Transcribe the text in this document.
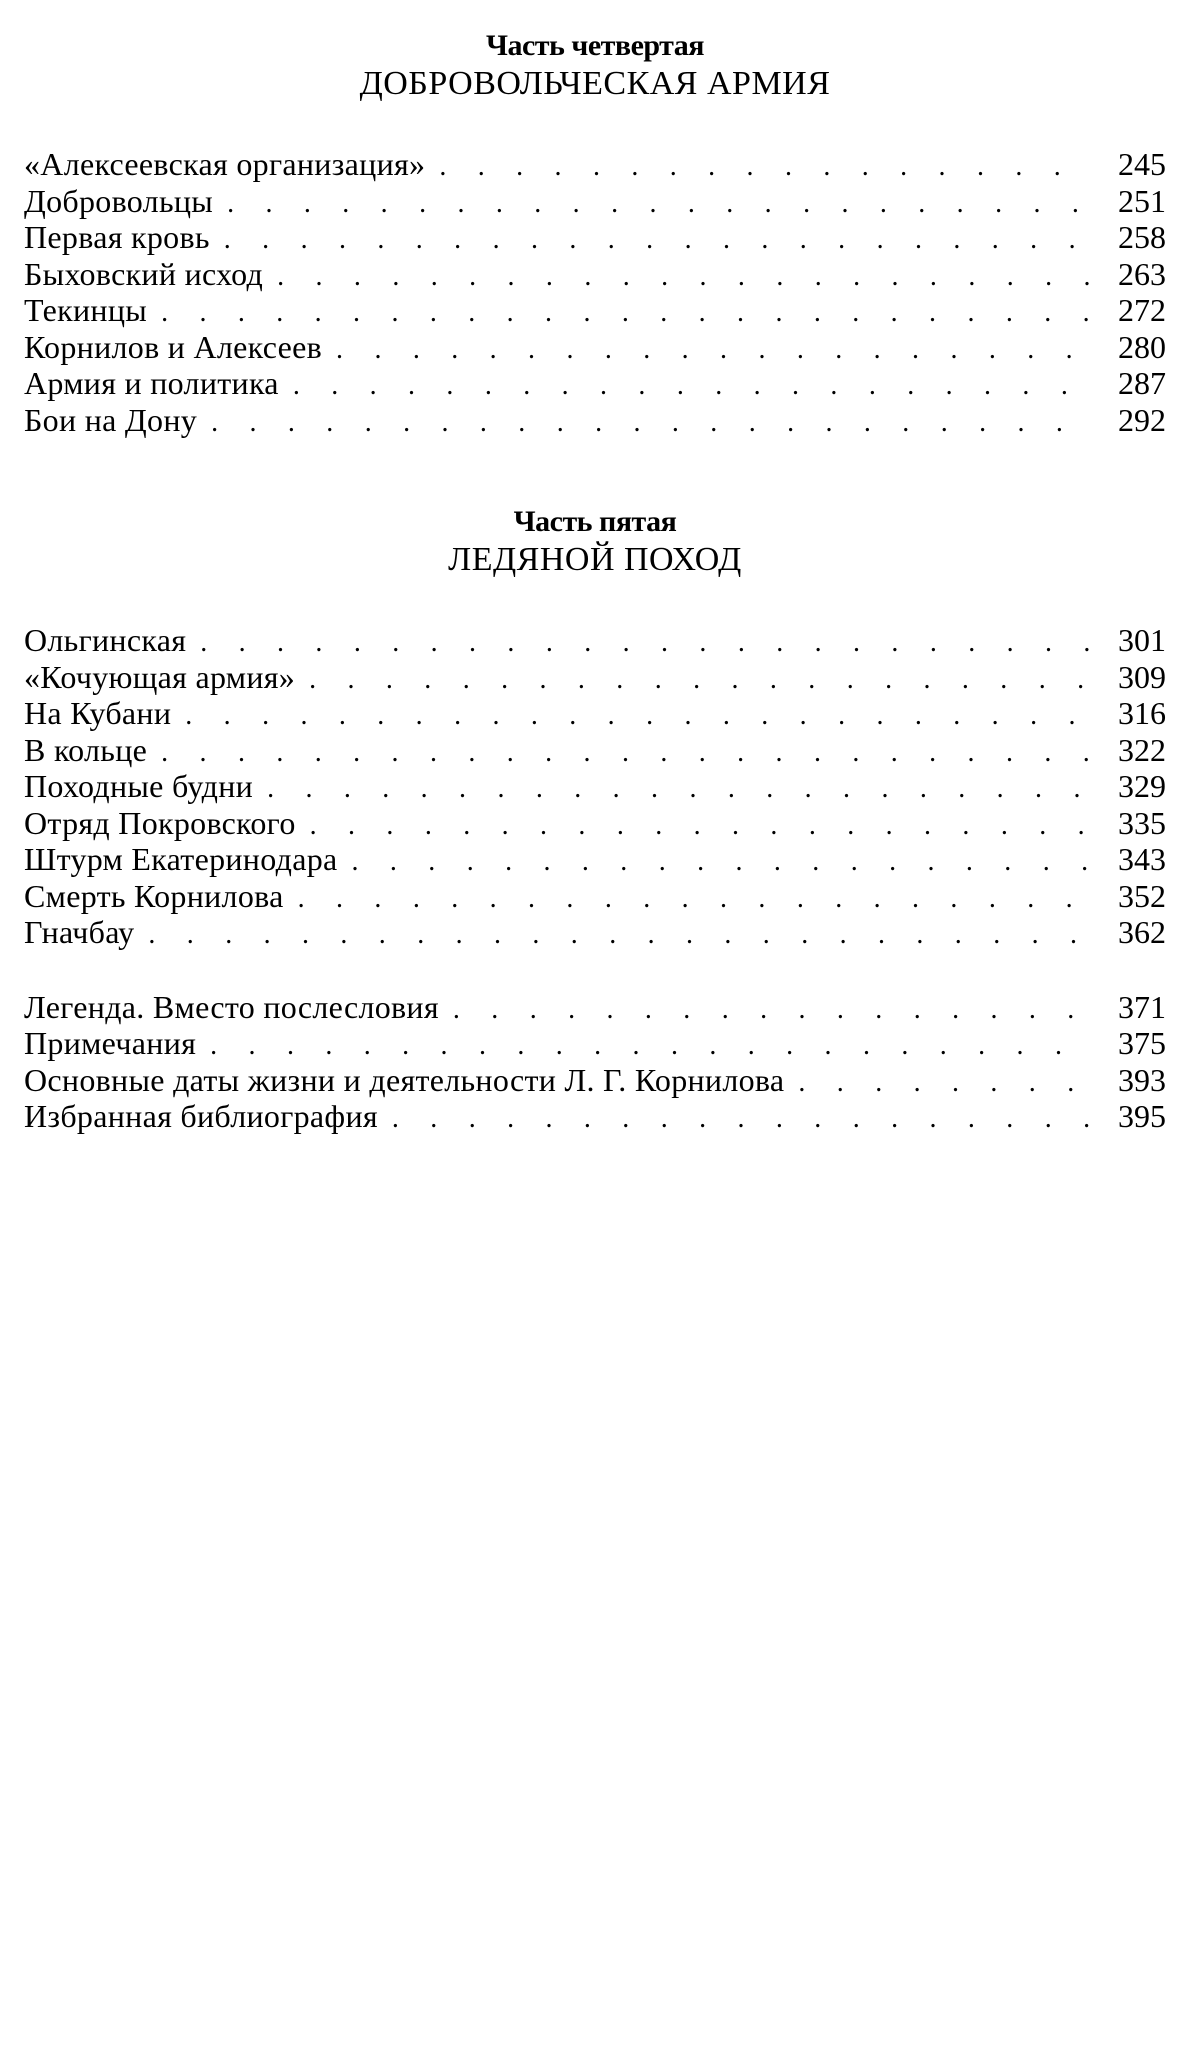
Часть четвертая
ДОБРОВОЛЬЧЕСКАЯ АРМИЯ
«Алексеевская организация» . . .	245
Добровольцы . . .	251
Первая кровь . . .	258
Быховский исход . . .	263
Текинцы . . .	272
Корнилов и Алексеев . . .	280
Армия и политика . . .	287
Бои на Дону . . .	292
Часть пятая
ЛЕДЯНОЙ ПОХОД
Ольгинская . . .	301
«Кочующая армия» . . .	309
На Кубани . . .	316
В кольце . . .	322
Походные будни . . .	329
Отряд Покровского . . .	335
Штурм Екатеринодара . . .	343
Смерть Корнилова . . .	352
Гначбау . . .	362
Легенда. Вместо послесловия . . .	371
Примечания . . .	375
Основные даты жизни и деятельности Л. Г. Корнилова . . .	393
Избранная библиография . . .	395
